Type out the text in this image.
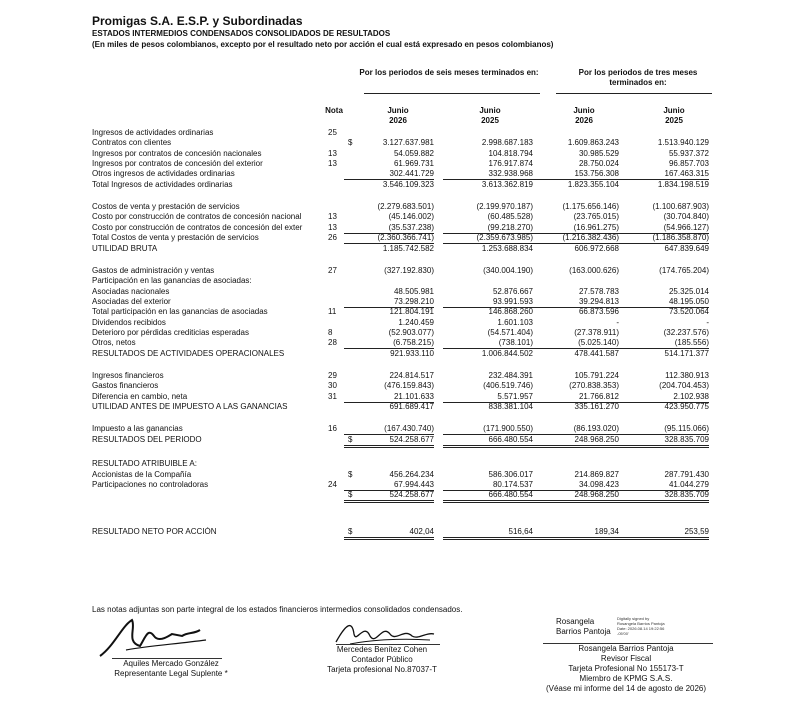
Promigas S.A. E.S.P. y Subordinadas
ESTADOS INTERMEDIOS CONDENSADOS CONSOLIDADOS DE RESULTADOS
(En miles de pesos colombianos, excepto por el resultado neto por acción el cual está expresado en pesos colombianos)
Por los periodos de seis meses terminados en:	Por los periodos de tres meses terminados en:
Nota	Junio
2026
Junio
2025
Junio
2026
Junio
2025
Ingresos de actividades ordinarias	25
Contratos con clientes	$	3.127.637.981	2.998.687.183	1.609.863.243	1.513.940.129
Ingresos por contratos de concesión nacionales	13	54.059.882	104.818.794	30.985.529	55.937.372
Ingresos por contratos de concesión del exterior	13	61.969.731	176.917.874	28.750.024	96.857.703
Otros ingresos de actividades ordinarias	302.441.729	332.938.968	153.756.308	167.463.315
Total Ingresos de actividades ordinarias	3.546.109.323	3.613.362.819	1.823.355.104	1.834.198.519
Costos de venta y prestación de servicios	(2.279.683.501)	(2.199.970.187)	(1.175.656.146)	(1.100.687.903)
Costo por construcción de contratos de concesión nacional	13	(45.146.002)	(60.485.528)	(23.765.015)	(30.704.840)
Costo por construcción de contratos de concesión del exter	13	(35.537.238)	(99.218.270)	(16.961.275)	(54.966.127)
Total Costos de venta y prestación de servicios	26	(2.360.366.741)	(2.359.673.985)	(1.216.382.436)	(1.186.358.870)
UTILIDAD BRUTA	1.185.742.582	1.253.688.834	606.972.668	647.839.649
Gastos de administración y ventas	27	(327.192.830)	(340.004.190)	(163.000.626)	(174.765.204)
Participación en las ganancias de asociadas:
Asociadas nacionales	48.505.981	52.876.667	27.578.783	25.325.014
Asociadas del exterior	73.298.210	93.991.593	39.294.813	48.195.050
Total participación en las ganancias de asociadas	11	121.804.191	146.868.260	66.873.596	73.520.064
Dividendos recibidos	1.240.459	1.601.103	-	-
Deterioro por pérdidas crediticias esperadas	8	(52.903.077)	(54.571.404)	(27.378.911)	(32.237.576)
Otros, netos	28	(6.758.215)	(738.101)	(5.025.140)	(185.556)
RESULTADOS DE ACTIVIDADES OPERACIONALES	921.933.110	1.006.844.502	478.441.587	514.171.377
Ingresos financieros	29	224.814.517	232.484.391	105.791.224	112.380.913
Gastos financieros	30	(476.159.843)	(406.519.746)	(270.838.353)	(204.704.453)
Diferencia en cambio, neta	31	21.101.633	5.571.957	21.766.812	2.102.938
UTILIDAD ANTES DE IMPUESTO A LAS GANANCIAS	691.689.417	838.381.104	335.161.270	423.950.775
Impuesto a las ganancias	16	(167.430.740)	(171.900.550)	(86.193.020)	(95.115.066)
RESULTADOS DEL PERIODO	$	524.258.677	666.480.554	248.968.250	328.835.709
RESULTADO ATRIBUIBLE A:
Accionistas de la Compañía	$	456.264.234	586.306.017	214.869.827	287.791.430
Participaciones no controladoras	24	67.994.443	80.174.537	34.098.423	41.044.279
$	524.258.677	666.480.554	248.968.250	328.835.709
RESULTADO NETO POR ACCIÓN	$	402,04	516,64	189,34	253,59
Las notas adjuntas son parte integral de los estados financieros intermedios consolidados condensados.
Aquiles Mercado González
Representante Legal Suplente *
Mercedes Benítez Cohen
Contador Público
Tarjeta profesional No.87037-T
Rosangela
Barrios Pantoja
Digitally signed by
Rosangela Barrios Pantoja
Date: 2026.08.14 19:22:56
-05'00'
Rosangela Barrios Pantoja
Revisor Fiscal
Tarjeta Profesional No 155173-T
Miembro de KPMG S.A.S.
(Véase mi informe del 14 de agosto de 2026)
